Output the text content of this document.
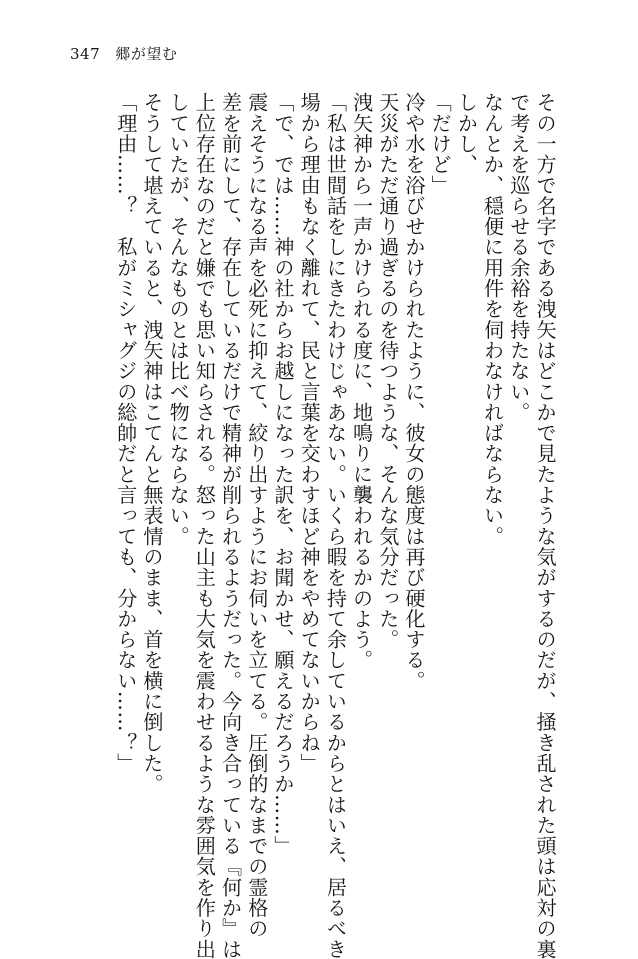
347 郷が望む
その一方で名字である洩矢はどこかで見たような気がするのだが、掻き乱された頭は応対の裏
で考えを巡らせる余裕を持たない。
なんとか、穏便に用件を伺わなければならない。
しかし、
「だけど」
冷や水を浴びせかけられたように、彼女の態度は再び硬化する。
天災がただ通り過ぎるのを待つような、そんな気分だった。
洩矢神から一声かけられる度に、地鳴りに襲われるかのよう。
「私は世間話をしにきたわけじゃあない。いくら暇を持て余しているからとはいえ、居るべき
場から理由もなく離れて、民と言葉を交わすほど神をやめてないからね」
「で、では……神の社からお越しになった訳を、お聞かせ、願えるだろうか……」
震えそうになる声を必死に抑えて、絞り出すようにお伺いを立てる。圧倒的なまでの霊格の
差を前にして、存在しているだけで精神が削られるようだった。今向き合っている『何か』は
上位存在なのだと嫌でも思い知らされる。怒った山主も大気を震わせるような雰囲気を作り出
していたが、そんなものとは比べ物にならない。
そうして堪えていると、洩矢神はこてんと無表情のまま、首を横に倒した。
「理由……？　私がミシャグジの総帥だと言っても、分からない……？」
